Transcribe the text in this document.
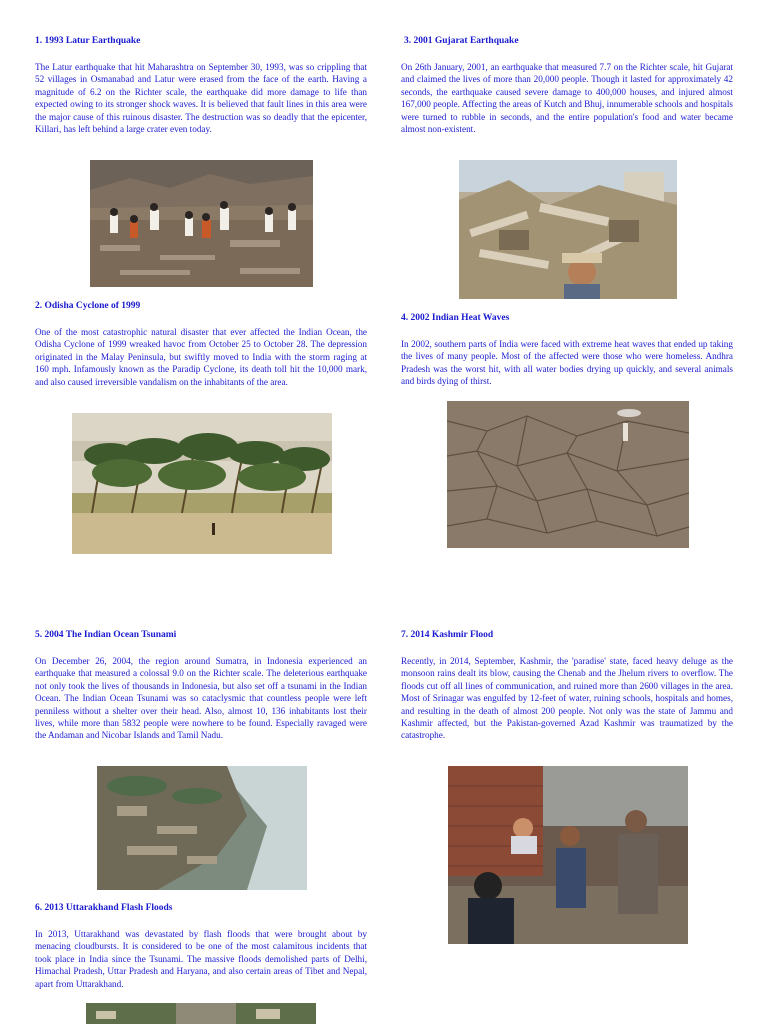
1. 1993 Latur Earthquake

The Latur earthquake that hit Maharashtra on September 30, 1993, was so crippling that 52 villages in Osmanabad and Latur were erased from the face of the earth. Having a magnitude of 6.2 on the Richter scale, the earthquake did more damage to life than expected owing to its stronger shock waves. It is believed that fault lines in this area were the major cause of this ruinous disaster. The destruction was so deadly that the epicenter, Killari, has left behind a large crater even today.

2. Odisha Cyclone of 1999

One of the most catastrophic natural disaster that ever affected the Indian Ocean, the Odisha Cyclone of 1999 wreaked havoc from October 25 to October 28. The depression originated in the Malay Peninsula, but swiftly moved to India with the storm raging at 160 mph. Infamously known as the Paradip Cyclone, its death toll hit the 10,000 mark, and also caused irreversible vandalism on the inhabitants of the area.

3. 2001 Gujarat Earthquake

On 26th January, 2001, an earthquake that measured 7.7 on the Richter scale, hit Gujarat and claimed the lives of more than 20,000 people. Though it lasted for approximately 42 seconds, the earthquake caused severe damage to 400,000 houses, and injured almost 167,000 people. Affecting the areas of Kutch and Bhuj, innumerable schools and hospitals were turned to rubble in seconds, and the entire population's food and water became almost non-existent.

4. 2002 Indian Heat Waves

In 2002, southern parts of India were faced with extreme heat waves that ended up taking the lives of many people. Most of the affected were those who were homeless. Andhra Pradesh was the worst hit, with all water bodies drying up quickly, and several animals and birds dying of thirst.

5. 2004 The Indian Ocean Tsunami

On December 26, 2004, the region around Sumatra, in Indonesia experienced an earthquake that measured a colossal 9.0 on the Richter scale. The deleterious earthquake not only took the lives of thousands in Indonesia, but also set off a tsunami in the Indian Ocean. The Indian Ocean Tsunami was so cataclysmic that countless people were left penniless without a shelter over their head. Also, almost 10, 136 inhabitants lost their lives, while more than 5832 people were nowhere to be found. Especially ravaged were the Andaman and Nicobar Islands and Tamil Nadu.

6. 2013 Uttarakhand Flash Floods

In 2013, Uttarakhand was devastated by flash floods that were brought about by menacing cloudbursts. It is considered to be one of the most calamitous incidents that took place in India since the Tsunami. The massive floods demolished parts of Delhi, Himachal Pradesh, Uttar Pradesh and Haryana, and also certain areas of Tibet and Nepal, apart from Uttarakhand.

7. 2014 Kashmir Flood

Recently, in 2014, September, Kashmir, the 'paradise' state, faced heavy deluge as the monsoon rains dealt its blow, causing the Chenab and the Jhelum rivers to overflow. The floods cut off all lines of communication, and ruined more than 2600 villages in the area. Most of Srinagar was engulfed by 12-feet of water, ruining schools, hospitals and homes, and resulting in the death of almost 200 people. Not only was the state of Jammu and Kashmir affected, but the Pakistan-governed Azad Kashmir was traumatized by the catastrophe.
